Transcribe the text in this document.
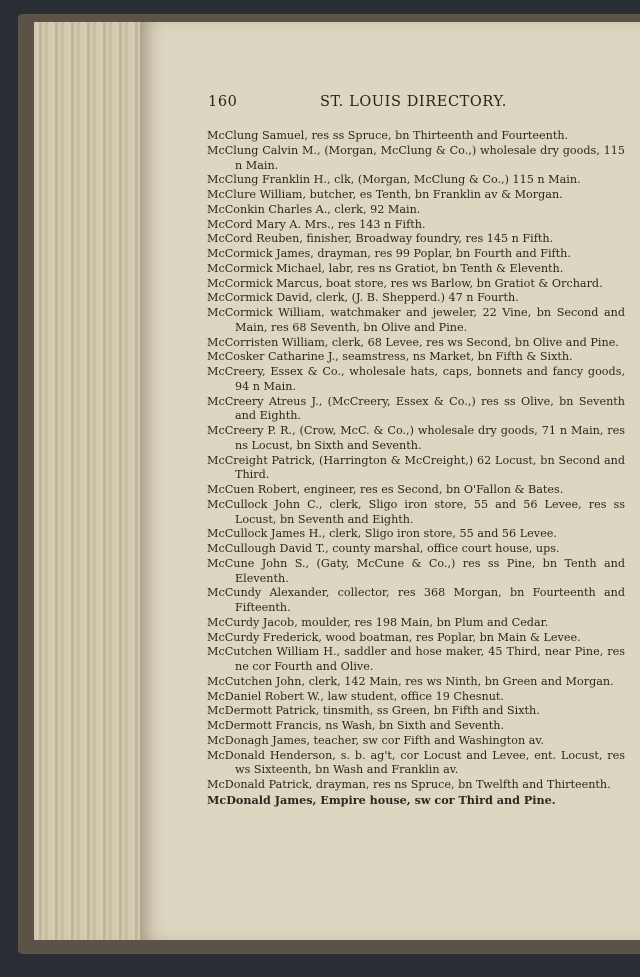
160	ST. LOUIS DIRECTORY.
McClung Samuel, res ss Spruce, bn Thirteenth and Fourteenth.
McClung Calvin M., (Morgan, McClung & Co.,) wholesale dry goods, 115 n Main.
McClung Franklin H., clk, (Morgan, McClung & Co.,) 115 n Main.
McClure William, butcher, es Tenth, bn Franklin av & Morgan.
McConkin Charles A., clerk, 92 Main.
McCord Mary A. Mrs., res 143 n Fifth.
McCord Reuben, finisher, Broadway foundry, res 145 n Fifth.
McCormick James, drayman, res 99 Poplar, bn Fourth and Fifth.
McCormick Michael, labr, res ns Gratiot, bn Tenth & Eleventh.
McCormick Marcus, boat store, res ws Barlow, bn Gratiot & Orchard.
McCormick David, clerk, (J. B. Shepperd.) 47 n Fourth.
McCormick William, watchmaker and jeweler, 22 Vine, bn Second and Main, res 68 Seventh, bn Olive and Pine.
McCorristen William, clerk, 68 Levee, res ws Second, bn Olive and Pine.
McCosker Catharine J., seamstress, ns Market, bn Fifth & Sixth.
McCreery, Essex & Co., wholesale hats, caps, bonnets and fancy goods, 94 n Main.
McCreery Atreus J., (McCreery, Essex & Co.,) res ss Olive, bn Seventh and Eighth.
McCreery P. R., (Crow, McC. & Co.,) wholesale dry goods, 71 n Main, res ns Locust, bn Sixth and Seventh.
McCreight Patrick, (Harrington & McCreight,) 62 Locust, bn Second and Third.
McCuen Robert, engineer, res es Second, bn O'Fallon & Bates.
McCullock John C., clerk, Sligo iron store, 55 and 56 Levee, res ss Locust, bn Seventh and Eighth.
McCullock James H., clerk, Sligo iron store, 55 and 56 Levee.
McCullough David T., county marshal, office court house, ups.
McCune John S., (Gaty, McCune & Co.,) res ss Pine, bn Tenth and Eleventh.
McCundy Alexander, collector, res 368 Morgan, bn Fourteenth and Fifteenth.
McCurdy Jacob, moulder, res 198 Main, bn Plum and Cedar.
McCurdy Frederick, wood boatman, res Poplar, bn Main & Levee.
McCutchen William H., saddler and hose maker, 45 Third, near Pine, res ne cor Fourth and Olive.
McCutchen John, clerk, 142 Main, res ws Ninth, bn Green and Morgan.
McDaniel Robert W., law student, office 19 Chesnut.
McDermott Patrick, tinsmith, ss Green, bn Fifth and Sixth.
McDermott Francis, ns Wash, bn Sixth and Seventh.
McDonagh James, teacher, sw cor Fifth and Washington av.
McDonald Henderson, s. b. ag't, cor Locust and Levee, ent. Locust, res ws Sixteenth, bn Wash and Franklin av.
McDonald Patrick, drayman, res ns Spruce, bn Twelfth and Thirteenth.
McDonald James, Empire house, sw cor Third and Pine.
